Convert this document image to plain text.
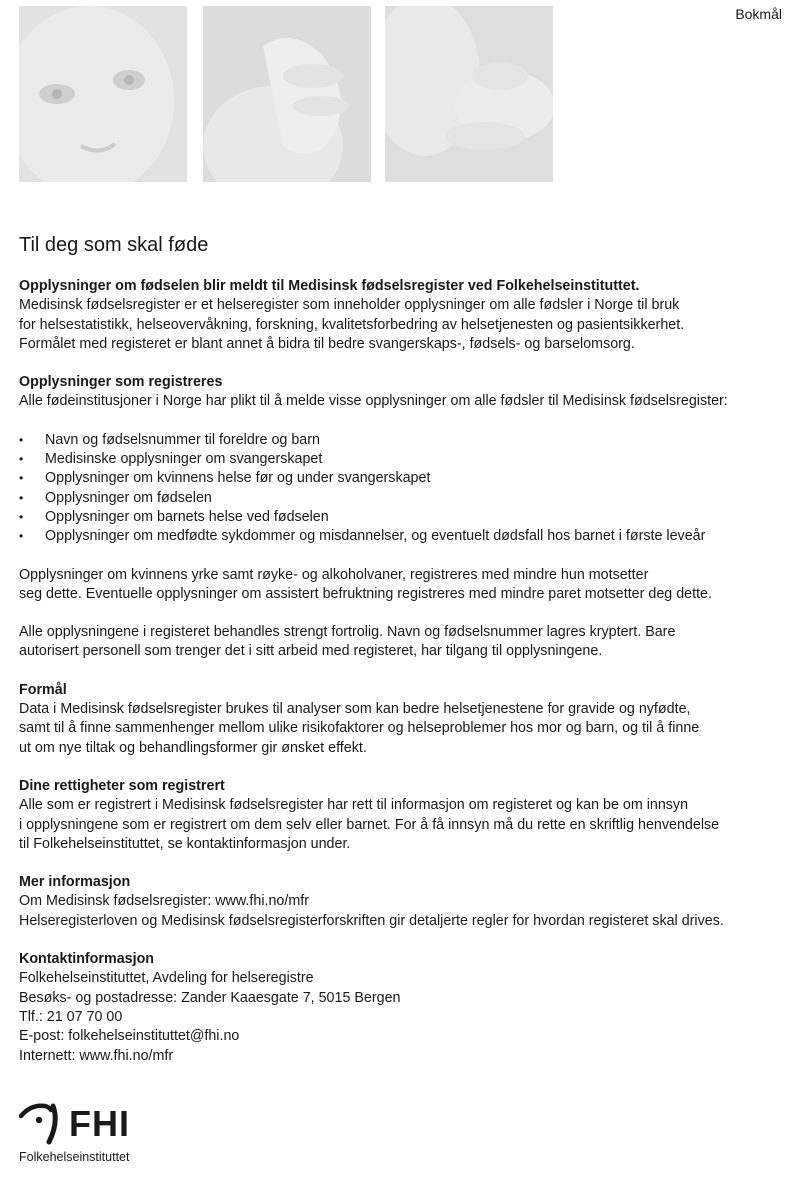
Bokmål
Til deg som skal føde
Opplysninger om fødselen blir meldt til Medisinsk fødselsregister ved Folkehelseinstituttet.
Medisinsk fødselsregister er et helseregister som inneholder opplysninger om alle fødsler i Norge til bruk
for helsestatistikk, helseovervåkning, forskning, kvalitetsforbedring av helsetjenesten og pasientsikkerhet.
Formålet med registeret er blant annet å bidra til bedre svangerskaps-, fødsels- og barselomsorg.
Opplysninger som registreres
Alle fødeinstitusjoner i Norge har plikt til å melde visse opplysninger om alle fødsler til Medisinsk fødselsregister:
• Navn og fødselsnummer til foreldre og barn
• Medisinske opplysninger om svangerskapet
• Opplysninger om kvinnens helse før og under svangerskapet
• Opplysninger om fødselen
• Opplysninger om barnets helse ved fødselen
• Opplysninger om medfødte sykdommer og misdannelser, og eventuelt dødsfall hos barnet i første leveår
Opplysninger om kvinnens yrke samt røyke- og alkoholvaner, registreres med mindre hun motsetter
seg dette. Eventuelle opplysninger om assistert befruktning registreres med mindre paret motsetter deg dette.
Alle opplysningene i registeret behandles strengt fortrolig. Navn og fødselsnummer lagres kryptert. Bare
autorisert personell som trenger det i sitt arbeid med registeret, har tilgang til opplysningene.
Formål
Data i Medisinsk fødselsregister brukes til analyser som kan bedre helsetjenestene for gravide og nyfødte,
samt til å finne sammenhenger mellom ulike risikofaktorer og helseproblemer hos mor og barn, og til å finne
ut om nye tiltak og behandlingsformer gir ønsket effekt.
Dine rettigheter som registrert
Alle som er registrert i Medisinsk fødselsregister har rett til informasjon om registeret og kan be om innsyn
i opplysningene som er registrert om dem selv eller barnet. For å få innsyn må du rette en skriftlig henvendelse
til Folkehelseinstituttet, se kontaktinformasjon under.
Mer informasjon
Om Medisinsk fødselsregister: www.fhi.no/mfr
Helseregisterloven og Medisinsk fødselsregisterforskriften gir detaljerte regler for hvordan registeret skal drives.
Kontaktinformasjon
Folkehelseinstituttet, Avdeling for helseregistre
Besøks- og postadresse: Zander Kaaesgate 7, 5015 Bergen
Tlf.: 21 07 70 00
E-post: folkehelseinstituttet@fhi.no
Internett: www.fhi.no/mfr
FHI
Folkehelseinstituttet
